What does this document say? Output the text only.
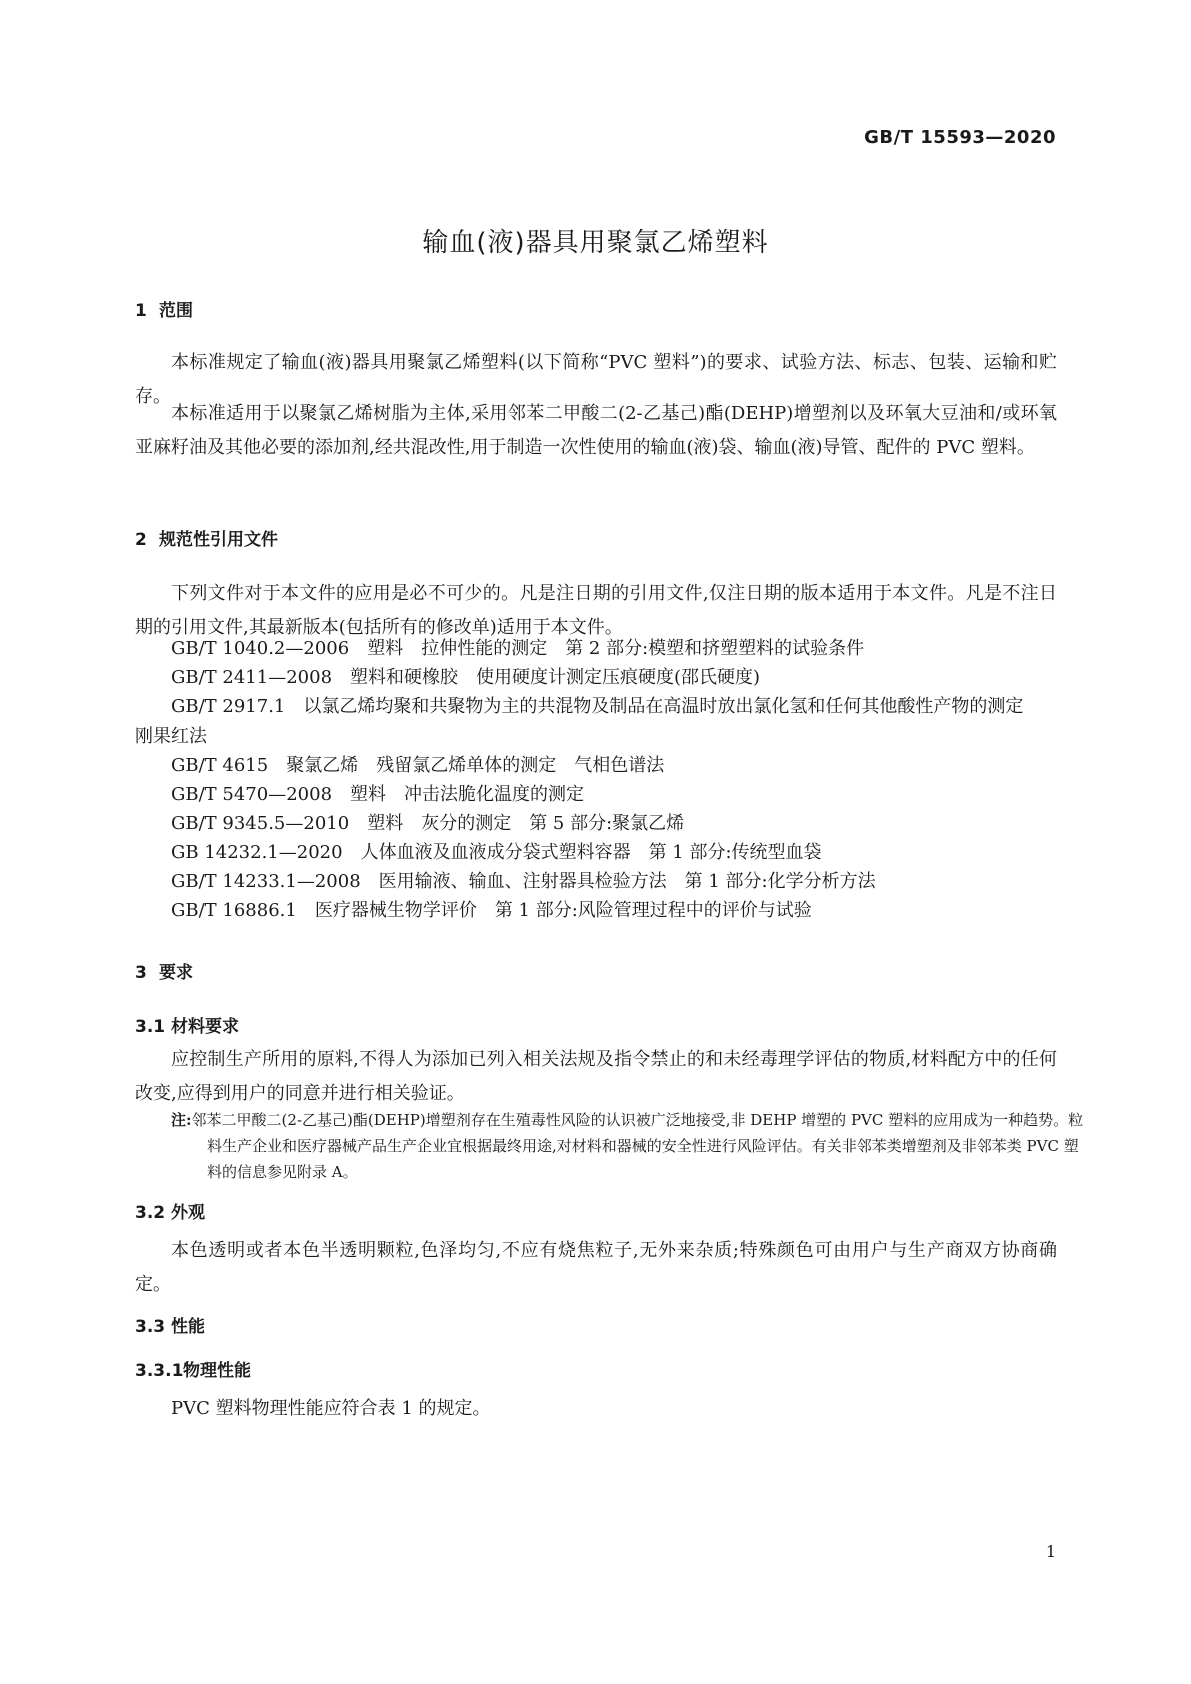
GB/T 15593—2020
输血(液)器具用聚氯乙烯塑料
1 范围

本标准规定了输血(液)器具用聚氯乙烯塑料(以下简称“PVC 塑料”)的要求、试验方法、标志、包装、运输和贮存。

本标准适用于以聚氯乙烯树脂为主体,采用邻苯二甲酸二(2-乙基己)酯(DEHP)增塑剂以及环氧大豆油和/或环氧亚麻籽油及其他必要的添加剂,经共混改性,用于制造一次性使用的输血(液)袋、输血(液)导管、配件的 PVC 塑料。

2 规范性引用文件

下列文件对于本文件的应用是必不可少的。凡是注日期的引用文件,仅注日期的版本适用于本文件。凡是不注日期的引用文件,其最新版本(包括所有的修改单)适用于本文件。

GB/T 1040.2—2006　塑料　拉伸性能的测定　第 2 部分:模塑和挤塑塑料的试验条件

GB/T 2411—2008　塑料和硬橡胶　使用硬度计测定压痕硬度(邵氏硬度)

GB/T 2917.1　以氯乙烯均聚和共聚物为主的共混物及制品在高温时放出氯化氢和任何其他酸性产物的测定　刚果红法

GB/T 4615　聚氯乙烯　残留氯乙烯单体的测定　气相色谱法

GB/T 5470—2008　塑料　冲击法脆化温度的测定

GB/T 9345.5—2010　塑料　灰分的测定　第 5 部分:聚氯乙烯

GB 14232.1—2020　人体血液及血液成分袋式塑料容器　第 1 部分:传统型血袋

GB/T 14233.1—2008　医用输液、输血、注射器具检验方法　第 1 部分:化学分析方法

GB/T 16886.1　医疗器械生物学评价　第 1 部分:风险管理过程中的评价与试验

3 要求
3.1 材料要求

应控制生产所用的原料,不得人为添加已列入相关法规及指令禁止的和未经毒理学评估的物质,材料配方中的任何改变,应得到用户的同意并进行相关验证。

注:邻苯二甲酸二(2-乙基己)酯(DEHP)增塑剂存在生殖毒性风险的认识被广泛地接受,非 DEHP 增塑的 PVC 塑料的应用成为一种趋势。粒料生产企业和医疗器械产品生产企业宜根据最终用途,对材料和器械的安全性进行风险评估。有关非邻苯类增塑剂及非邻苯类 PVC 塑料的信息参见附录 A。

3.2 外观

本色透明或者本色半透明颗粒,色泽均匀,不应有烧焦粒子,无外来杂质;特殊颜色可由用户与生产商双方协商确定。

3.3 性能
3.3.1物理性能

PVC 塑料物理性能应符合表 1 的规定。

1
